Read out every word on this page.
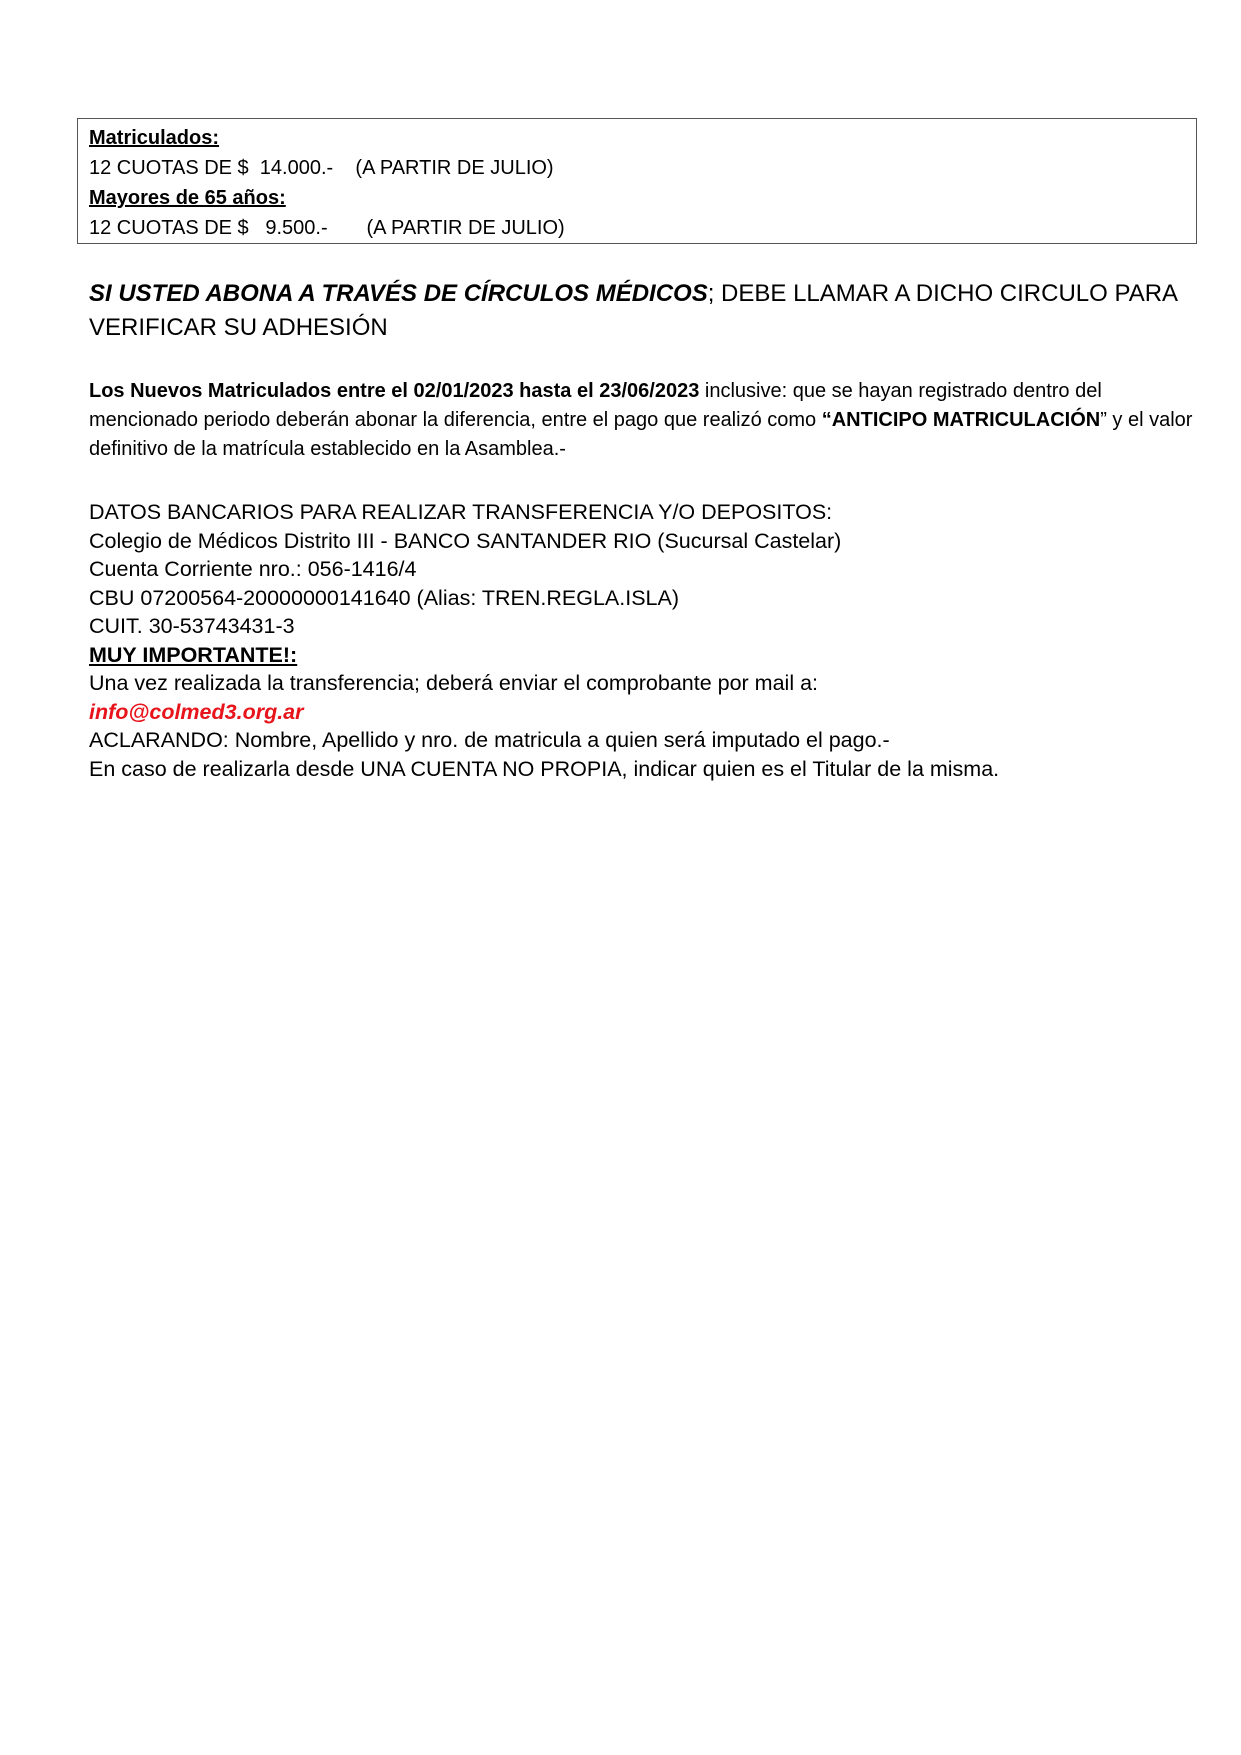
Matriculados:
12 CUOTAS DE $  14.000.-    (A PARTIR DE JULIO)
Mayores de 65 años:
12 CUOTAS DE $   9.500.-       (A PARTIR DE JULIO)
SI USTED ABONA A TRAVÉS DE CÍRCULOS MÉDICOS; DEBE LLAMAR A DICHO CIRCULO PARA VERIFICAR SU ADHESIÓN
Los Nuevos Matriculados entre el 02/01/2023 hasta el 23/06/2023 inclusive: que se hayan registrado dentro del mencionado periodo deberán abonar la diferencia, entre el pago que realizó como “ANTICIPO MATRICULACIÓN” y el valor definitivo de la matrícula establecido en la Asamblea.-
DATOS BANCARIOS PARA REALIZAR TRANSFERENCIA Y/O DEPOSITOS:
Colegio de Médicos Distrito III - BANCO SANTANDER RIO (Sucursal Castelar)
Cuenta Corriente nro.: 056-1416/4
CBU 07200564-20000000141640 (Alias: TREN.REGLA.ISLA)
CUIT. 30-53743431-3
MUY IMPORTANTE!:
Una vez realizada la transferencia; deberá enviar el comprobante por mail a:
info@colmed3.org.ar
ACLARANDO: Nombre, Apellido y nro. de matricula a quien será imputado el pago.-
En caso de realizarla desde UNA CUENTA NO PROPIA, indicar quien es el Titular de la misma.
